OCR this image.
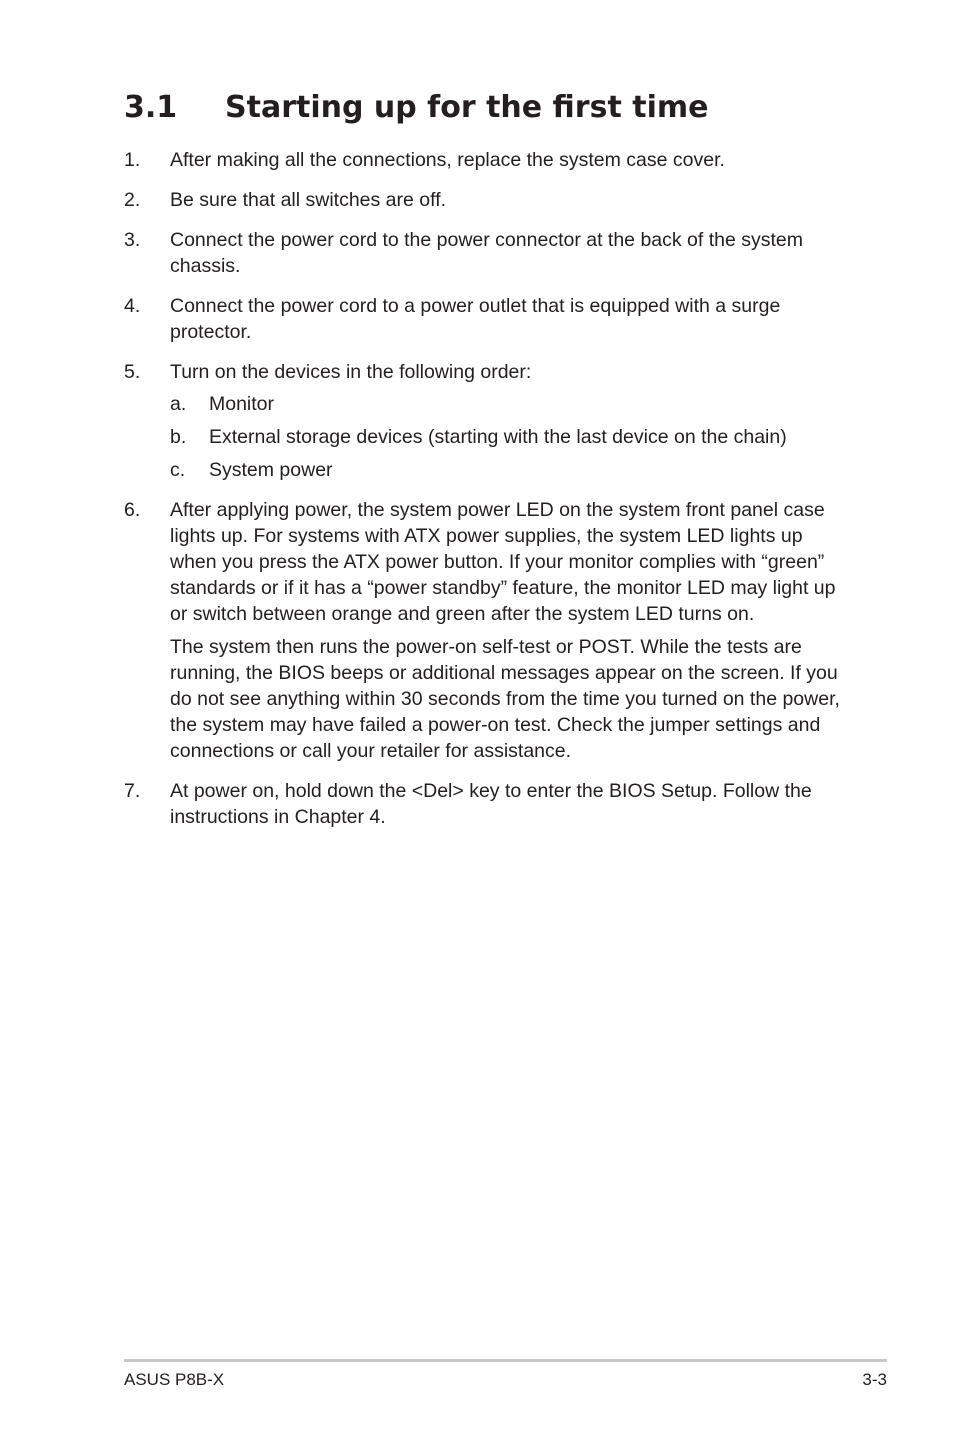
3.1 Starting up for the first time
1. After making all the connections, replace the system case cover.

2. Be sure that all switches are off.

3. Connect the power cord to the power connector at the back of the system chassis.

4. Connect the power cord to a power outlet that is equipped with a surge protector.

5. Turn on the devices in the following order:

a. Monitor
b. External storage devices (starting with the last device on the chain)
c. System power
6. After applying power, the system power LED on the system front panel case lights up. For systems with ATX power supplies, the system LED lights up when you press the ATX power button. If your monitor complies with “green” standards or if it has a “power standby” feature, the monitor LED may light up or switch between orange and green after the system LED turns on.

The system then runs the power-on self-test or POST. While the tests are running, the BIOS beeps or additional messages appear on the screen. If you do not see anything within 30 seconds from the time you turned on the power, the system may have failed a power-on test. Check the jumper settings and connections or call your retailer for assistance.

7. At power on, hold down the <Del> key to enter the BIOS Setup. Follow the instructions in Chapter 4.

ASUS P8B-X	3-3
